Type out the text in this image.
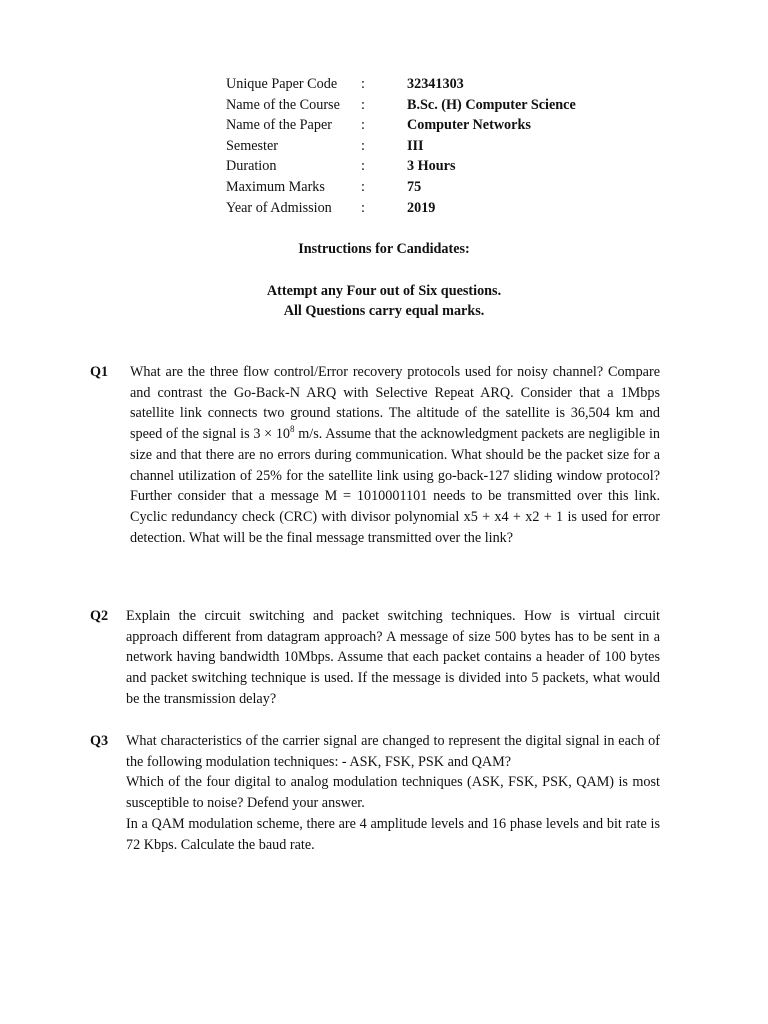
Unique Paper Code	:	32341303
Name of the Course	:	B.Sc. (H) Computer Science
Name of the Paper	:	Computer Networks
Semester	:	III
Duration	:	3 Hours
Maximum Marks	:	75
Year of Admission	:	2019
Instructions for Candidates:
Attempt any Four out of Six questions.
All Questions carry equal marks.
Q1 What are the three flow control/Error recovery protocols used for noisy channel? Compare and contrast the Go-Back-N ARQ with Selective Repeat ARQ. Consider that a 1Mbps satellite link connects two ground stations. The altitude of the satellite is 36,504 km and speed of the signal is $3 \times 10^8$ m/s. Assume that the acknowledgment packets are negligible in size and that there are no errors during communication. What should be the packet size for a channel utilization of 25% for the satellite link using go-back-127 sliding window protocol? Further consider that a message M = 1010001101 needs to be transmitted over this link. Cyclic redundancy check (CRC) with divisor polynomial x5 + x4 + x2 + 1 is used for error detection. What will be the final message transmitted over the link?
Q2 Explain the circuit switching and packet switching techniques. How is virtual circuit approach different from datagram approach? A message of size 500 bytes has to be sent in a network having bandwidth 10Mbps. Assume that each packet contains a header of 100 bytes and packet switching technique is used. If the message is divided into 5 packets, what would be the transmission delay?
Q3 What characteristics of the carrier signal are changed to represent the digital signal in each of the following modulation techniques: - ASK, FSK, PSK and QAM?

Which of the four digital to analog modulation techniques (ASK, FSK, PSK, QAM) is most susceptible to noise? Defend your answer.

In a QAM modulation scheme, there are 4 amplitude levels and 16 phase levels and bit rate is 72 Kbps. Calculate the baud rate.
